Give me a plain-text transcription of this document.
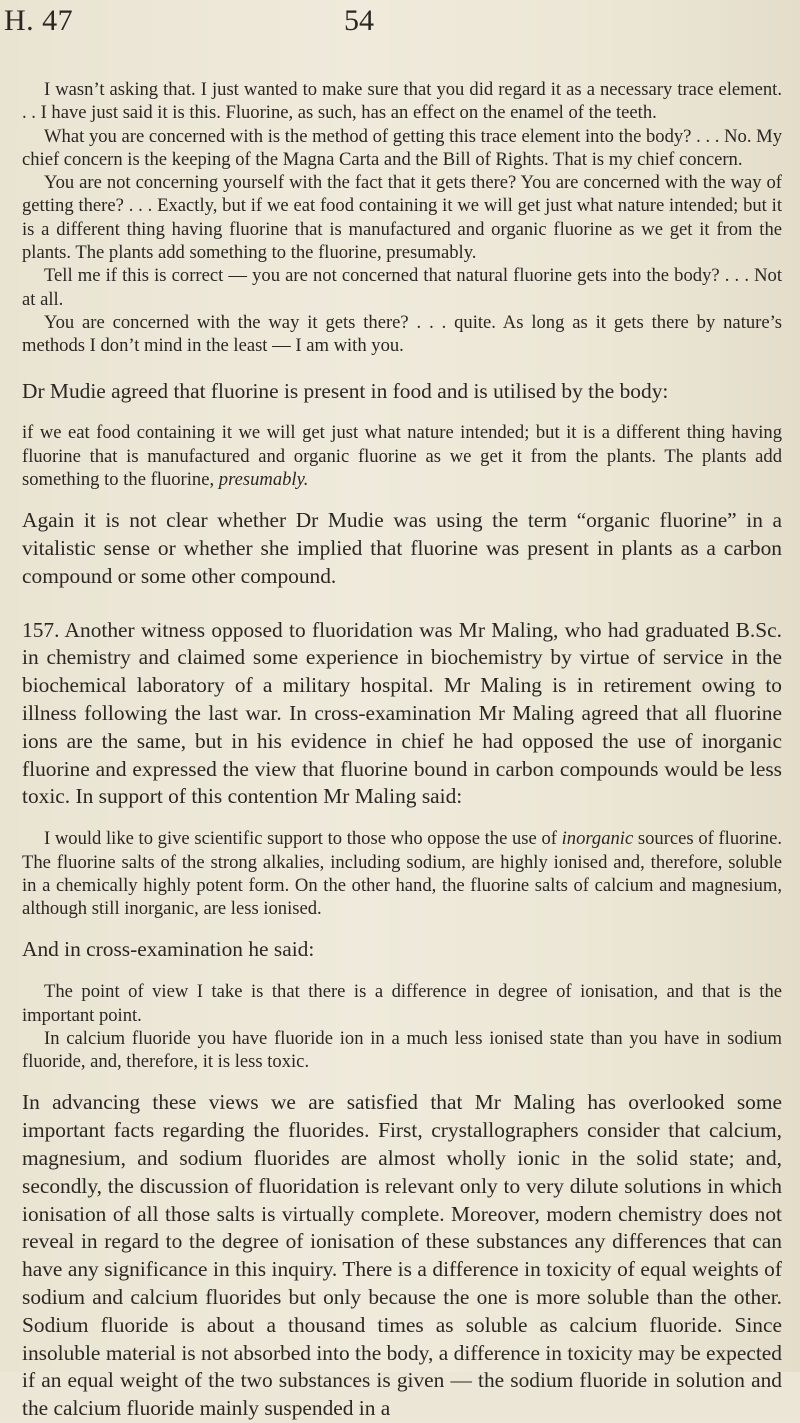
H. 47	54

I wasn’t asking that. I just wanted to make sure that you did regard it as a necessary trace element. . . I have just said it is this. Fluorine, as such, has an effect on the enamel of the teeth.

What you are concerned with is the method of getting this trace element into the body? . . . No. My chief concern is the keeping of the Magna Carta and the Bill of Rights. That is my chief concern.

You are not concerning yourself with the fact that it gets there? You are concerned with the way of getting there? . . . Exactly, but if we eat food containing it we will get just what nature intended; but it is a different thing having fluorine that is manufactured and organic fluorine as we get it from the plants. The plants add something to the fluorine, presumably.

Tell me if this is correct — you are not concerned that natural fluorine gets into the body? . . . Not at all.

You are concerned with the way it gets there? . . . quite. As long as it gets there by nature’s methods I don’t mind in the least — I am with you.

Dr Mudie agreed that fluorine is present in food and is utilised by the body:

if we eat food containing it we will get just what nature intended; but it is a different thing having fluorine that is manufactured and organic fluorine as we get it from the plants. The plants add something to the fluorine, presumably.

Again it is not clear whether Dr Mudie was using the term “organic fluorine” in a vitalistic sense or whether she implied that fluorine was present in plants as a carbon compound or some other compound.

157. Another witness opposed to fluoridation was Mr Maling, who had graduated B.Sc. in chemistry and claimed some experience in biochemistry by virtue of service in the biochemical laboratory of a military hospital. Mr Maling is in retirement owing to illness following the last war. In cross-examination Mr Maling agreed that all fluorine ions are the same, but in his evidence in chief he had opposed the use of inorganic fluorine and expressed the view that fluorine bound in carbon compounds would be less toxic. In support of this contention Mr Maling said:

I would like to give scientific support to those who oppose the use of inorganic sources of fluorine. The fluorine salts of the strong alkalies, including sodium, are highly ionised and, therefore, soluble in a chemically highly potent form. On the other hand, the fluorine salts of calcium and magnesium, although still inorganic, are less ionised.

And in cross-examination he said:

The point of view I take is that there is a difference in degree of ionisation, and that is the important point.

In calcium fluoride you have fluoride ion in a much less ionised state than you have in sodium fluoride, and, therefore, it is less toxic.

In advancing these views we are satisfied that Mr Maling has overlooked some important facts regarding the fluorides. First, crystallographers consider that calcium, magnesium, and sodium fluorides are almost wholly ionic in the solid state; and, secondly, the discussion of fluoridation is relevant only to very dilute solutions in which ionisation of all those salts is virtually complete. Moreover, modern chemistry does not reveal in regard to the degree of ionisation of these substances any differences that can have any significance in this inquiry. There is a difference in toxicity of equal weights of sodium and calcium fluorides but only because the one is more soluble than the other. Sodium fluoride is about a thousand times as soluble as calcium fluoride. Since insoluble material is not absorbed into the body, a difference in toxicity may be expected if an equal weight of the two substances is given — the sodium fluoride in solution and the calcium fluoride mainly suspended in a
